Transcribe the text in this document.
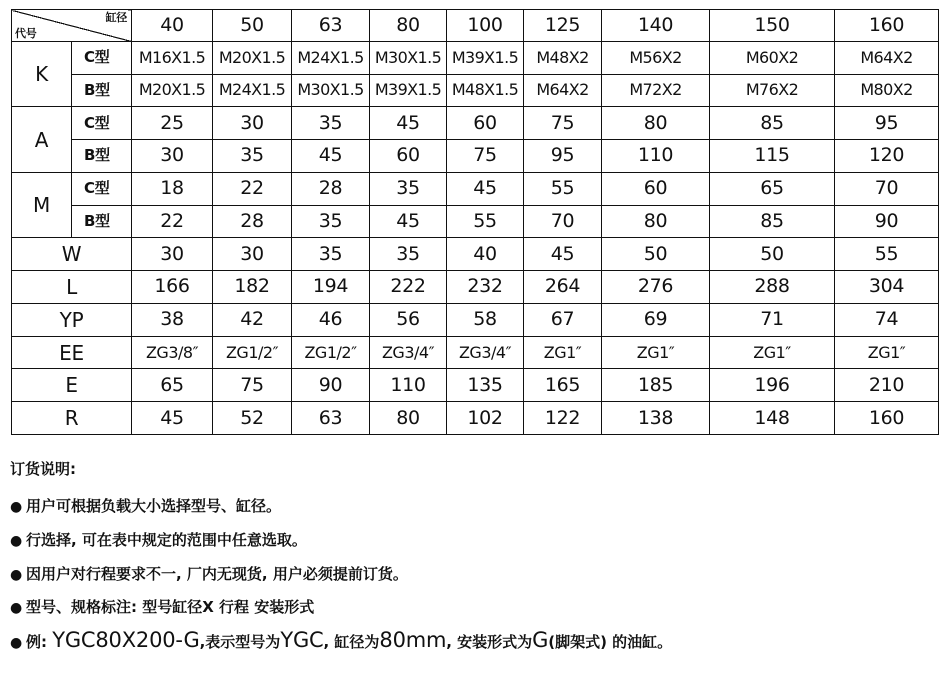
缸径
代号		40	50	63	80	100	125	140	150	160
K	C型	M16X1.5	M20X1.5	M24X1.5	M30X1.5	M39X1.5	M48X2	M56X2	M60X2	M64X2
	B型	M20X1.5	M24X1.5	M30X1.5	M39X1.5	M48X1.5	M64X2	M72X2	M76X2	M80X2
A	C型	25	30	35	45	60	75	80	85	95
	B型	30	35	45	60	75	95	110	115	120
M	C型	18	22	28	35	45	55	60	65	70
	B型	22	28	35	45	55	70	80	85	90
W		30	30	35	35	40	45	50	50	55
L		166	182	194	222	232	264	276	288	304
YP		38	42	46	56	58	67	69	71	74
EE		ZG3/8″	ZG1/2″	ZG1/2″	ZG3/4″	ZG3/4″	ZG1″	ZG1″	ZG1″	ZG1″
E		65	75	90	110	135	165	185	196	210
R		45	52	63	80	102	122	138	148	160
订货说明:
● 用户可根据负载大小选择型号、缸径。
● 行选择, 可在表中规定的范围中任意选取。
● 因用户对行程要求不一, 厂内无现货, 用户必须提前订货。
● 型号、规格标注: 型号缸径X 行程 安装形式
● 例: YGC80X200-G,表示型号为YGC, 缸径为80mm, 安装形式为G(脚架式) 的油缸。
